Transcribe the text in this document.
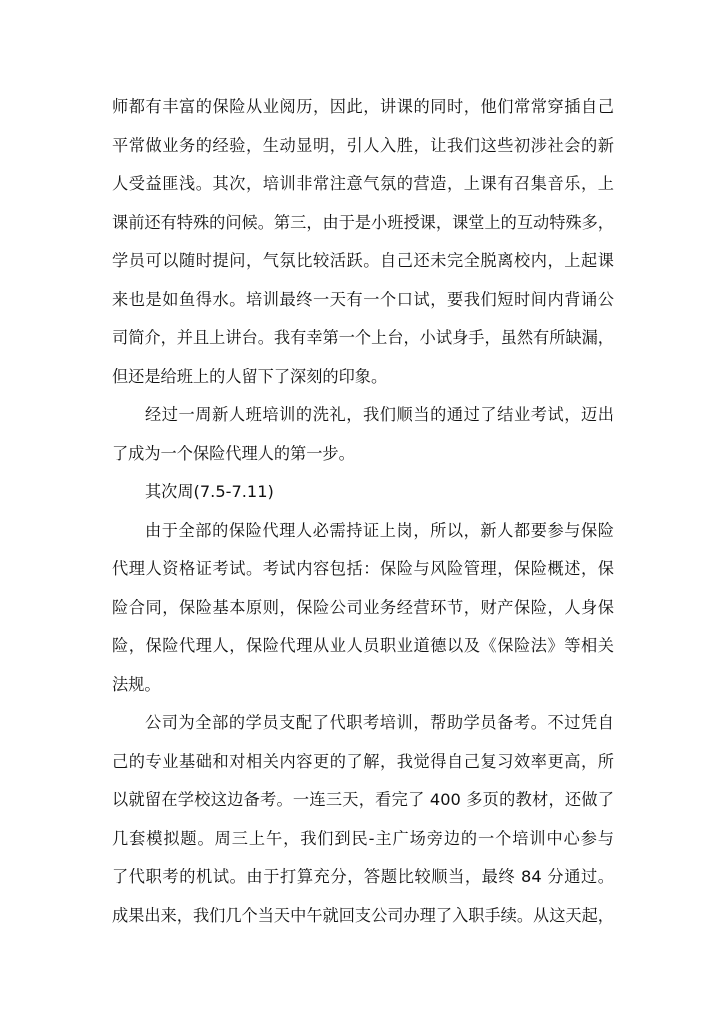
师都有丰富的保险从业阅历，因此，讲课的同时，他们常常穿插自己
平常做业务的经验，生动显明，引人入胜，让我们这些初涉社会的新
人受益匪浅。其次，培训非常注意气氛的营造，上课有召集音乐，上
课前还有特殊的问候。第三，由于是小班授课，课堂上的互动特殊多，
学员可以随时提问，气氛比较活跃。自己还未完全脱离校内，上起课
来也是如鱼得水。培训最终一天有一个口试，要我们短时间内背诵公
司简介，并且上讲台。我有幸第一个上台，小试身手，虽然有所缺漏，
但还是给班上的人留下了深刻的印象。
经过一周新人班培训的洗礼，我们顺当的通过了结业考试，迈出
了成为一个保险代理人的第一步。
其次周(7.5-7.11)
由于全部的保险代理人必需持证上岗，所以，新人都要参与保险
代理人资格证考试。考试内容包括：保险与风险管理，保险概述，保
险合同，保险基本原则，保险公司业务经营环节，财产保险，人身保
险，保险代理人，保险代理从业人员职业道德以及《保险法》等相关
法规。
公司为全部的学员支配了代职考培训，帮助学员备考。不过凭自
己的专业基础和对相关内容更的了解，我觉得自己复习效率更高，所
以就留在学校这边备考。一连三天，看完了 400 多页的教材，还做了
几套模拟题。周三上午，我们到民-主广场旁边的一个培训中心参与
了代职考的机试。由于打算充分，答题比较顺当，最终 84 分通过。
成果出来，我们几个当天中午就回支公司办理了入职手续。从这天起，
